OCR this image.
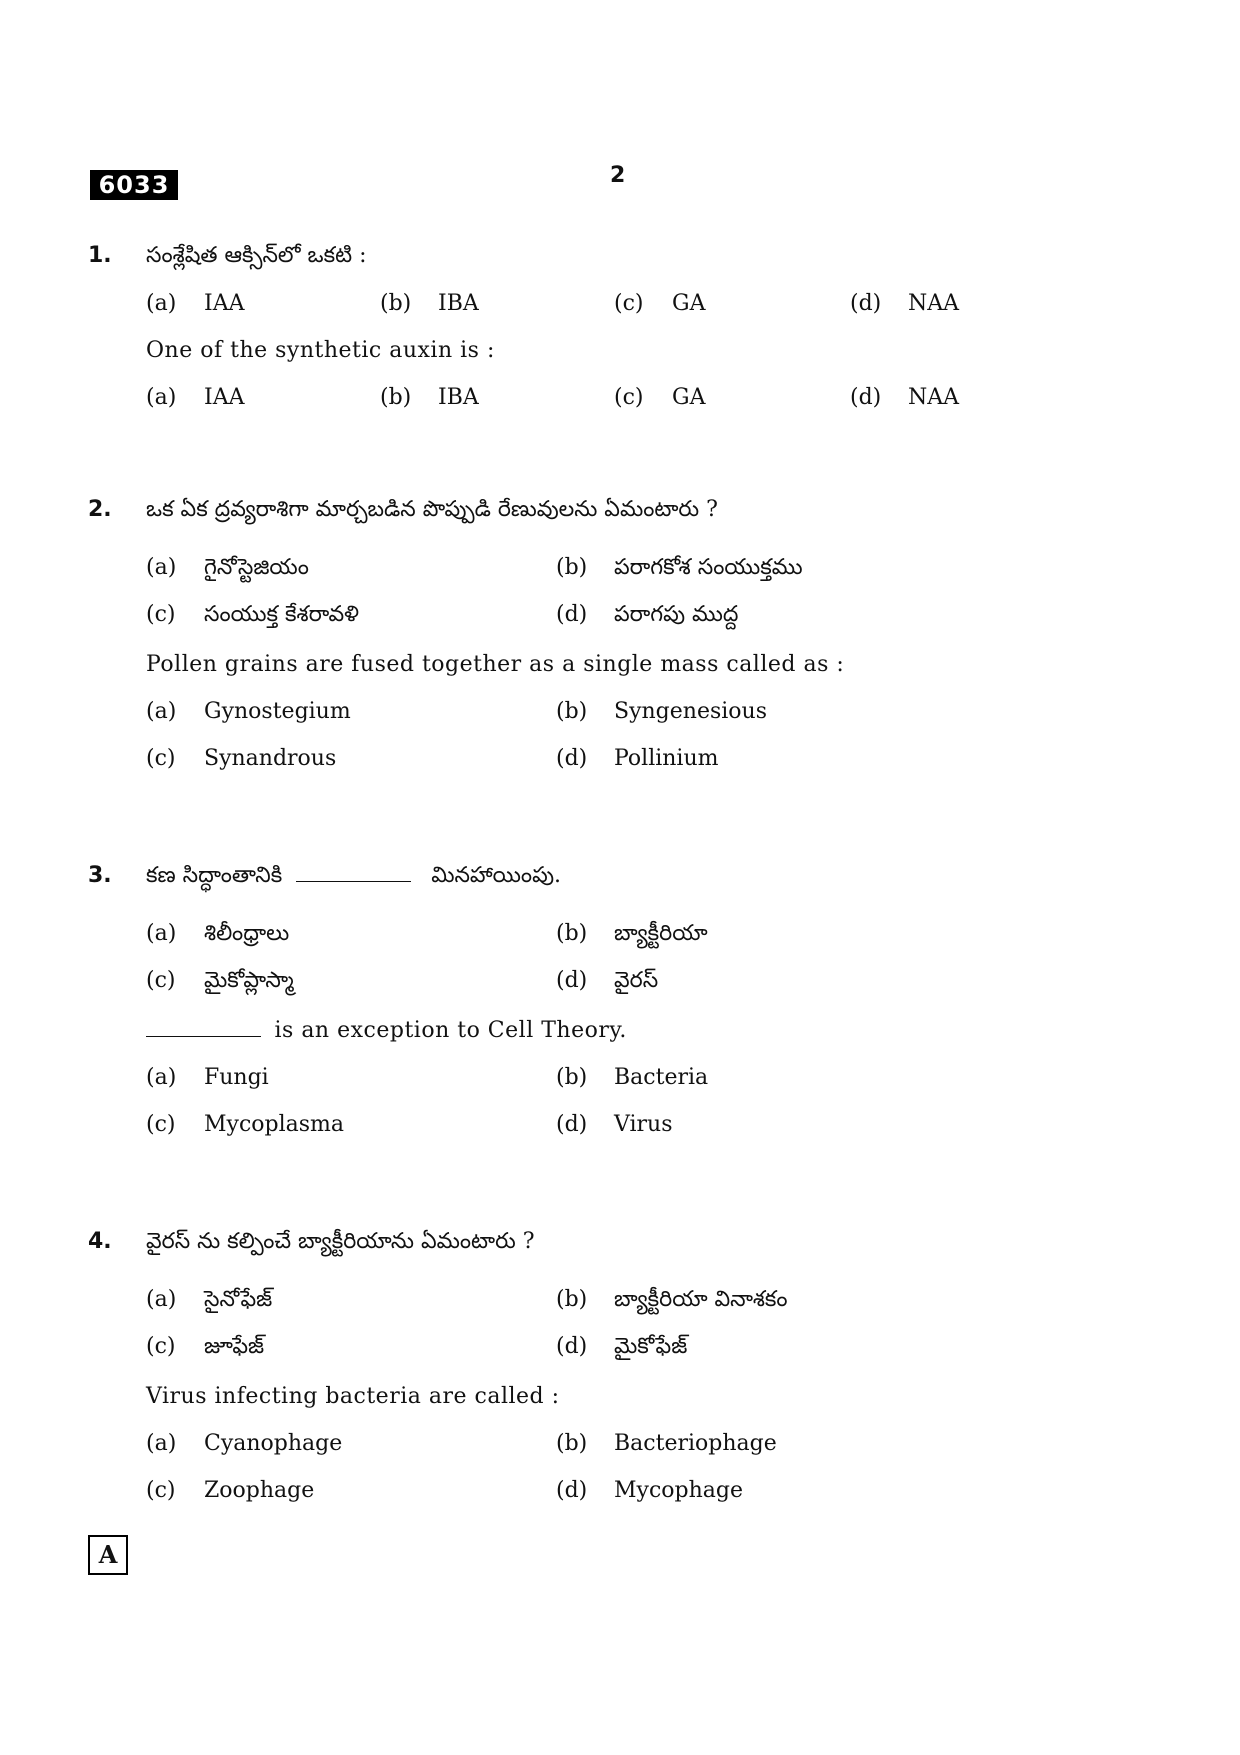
6033	2
1. సంశ్లేషిత ఆక్సిన్‌లో ఒకటి :
(a) IAA	(b) IBA	(c) GA	(d) NAA
One of the synthetic auxin is :
(a) IAA	(b) IBA	(c) GA	(d) NAA
2. ఒక ఏక ద్రవ్యరాశిగా మార్చబడిన పొప్పుడి రేణువులను ఏమంటారు ?
(a) గైనోస్టెజియం	(b) పరాగకోశ సంయుక్తము
(c) సంయుక్త కేశరావళి	(d) పరాగపు ముద్ద
Pollen grains are fused together as a single mass called as :
(a) Gynostegium	(b) Syngenesious
(c) Synandrous	(d) Pollinium
3. కణ సిద్ధాంతానికి	మినహాయింపు.
(a) శిలీంధ్రాలు	(b) బ్యాక్టీరియా
(c) మైకోప్లాస్మా	(d) వైరస్
is an exception to Cell Theory.
(a) Fungi	(b) Bacteria
(c) Mycoplasma	(d) Virus
4. వైరస్ ను కల్పించే బ్యాక్టీరియాను ఏమంటారు ?
(a) సైనోఫేజ్	(b) బ్యాక్టీరియా వినాశకం
(c) జూఫేజ్	(d) మైకోఫేజ్
Virus infecting bacteria are called :
(a) Cyanophage	(b) Bacteriophage
(c) Zoophage	(d) Mycophage
A
